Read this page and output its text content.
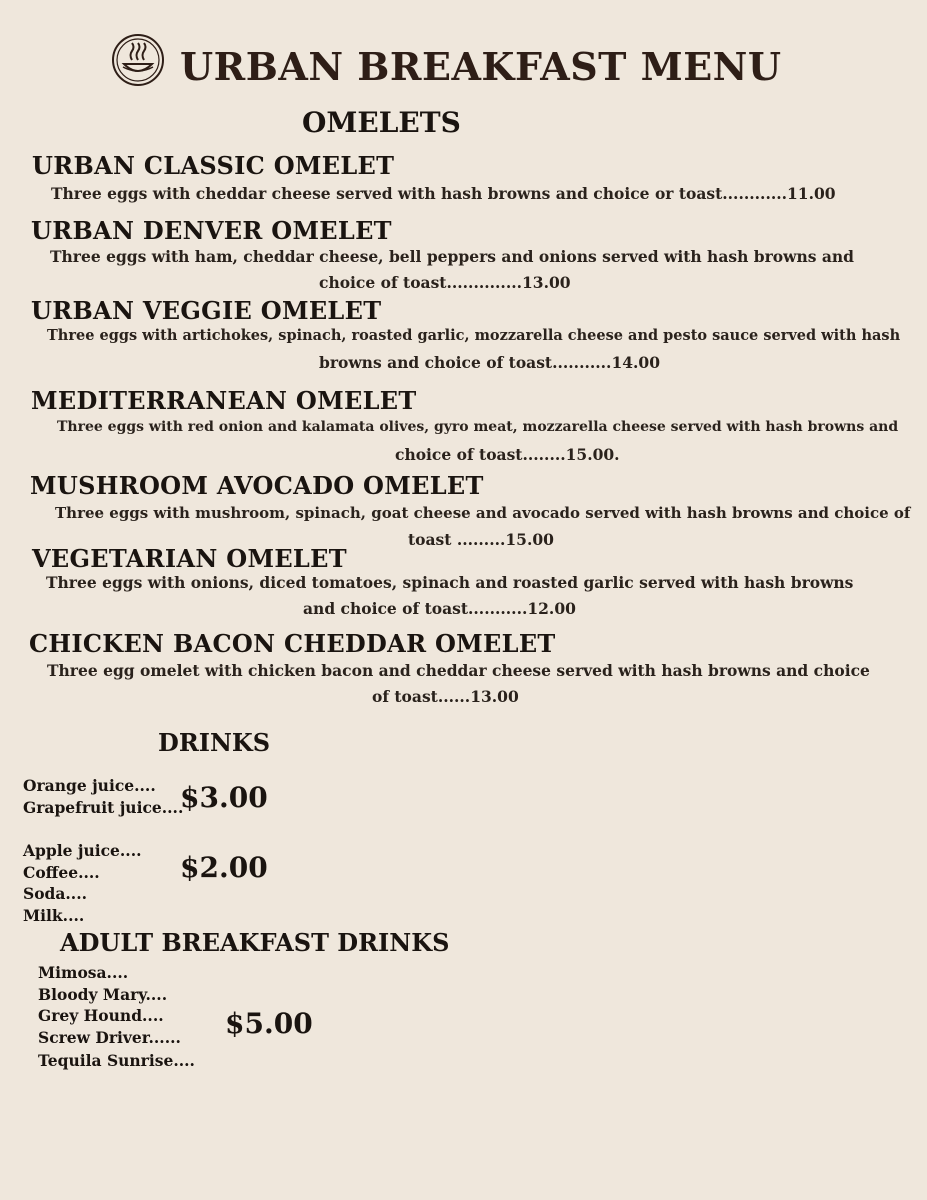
URBAN BREAKFAST MENU
OMELETS
URBAN CLASSIC OMELET
Three eggs with cheddar cheese served with hash browns and choice or toast............11.00
URBAN DENVER OMELET
Three eggs with ham, cheddar cheese, bell peppers and onions served with hash browns and
choice of toast..............13.00
URBAN VEGGIE OMELET
Three eggs with artichokes, spinach, roasted garlic, mozzarella cheese and pesto sauce served with hash
browns and choice of toast...........14.00
MEDITERRANEAN OMELET
Three eggs with red onion and kalamata olives, gyro meat, mozzarella cheese served with hash browns and
choice of toast........15.00.
MUSHROOM AVOCADO OMELET
Three eggs with mushroom, spinach, goat cheese and avocado served with hash browns and choice of
toast .........15.00
VEGETARIAN OMELET
Three eggs with onions, diced tomatoes, spinach and roasted garlic served with hash browns
and choice of toast...........12.00
CHICKEN BACON CHEDDAR OMELET
Three egg omelet with chicken bacon and cheddar cheese served with hash browns and choice
of toast......13.00
DRINKS
Orange juice....
Grapefruit juice....
$3.00
Apple juice....
Coffee....
Soda....
Milk....
$2.00
ADULT BREAKFAST DRINKS
Mimosa....
Bloody Mary....
Grey Hound....
Screw Driver......
Tequila Sunrise....
$5.00
